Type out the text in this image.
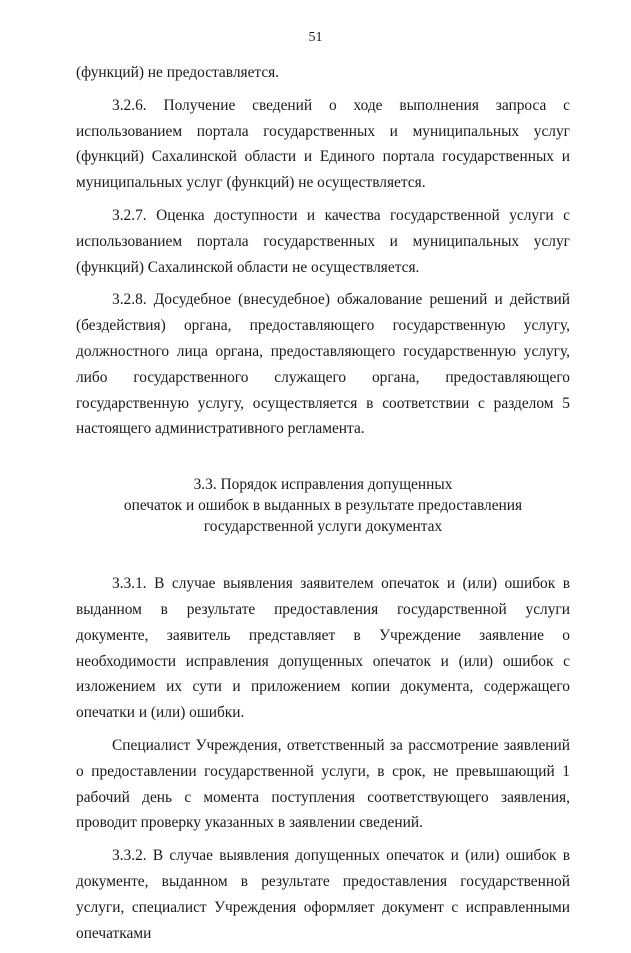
51

(функций) не предоставляется.

3.2.6. Получение сведений о ходе выполнения запроса с использованием портала государственных и муниципальных услуг (функций) Сахалинской области и Единого портала государственных и муниципальных услуг (функций) не осуществляется.

3.2.7. Оценка доступности и качества государственной услуги с использованием портала государственных и муниципальных услуг (функций) Сахалинской области не осуществляется.

3.2.8. Досудебное (внесудебное) обжалование решений и действий (бездействия) органа, предоставляющего государственную услугу, должностного лица органа, предоставляющего государственную услугу, либо государственного служащего органа, предоставляющего государственную услугу, осуществляется в соответствии с разделом 5 настоящего административного регламента.

3.3. Порядок исправления допущенных
опечаток и ошибок в выданных в результате предоставления
государственной услуги документах

3.3.1. В случае выявления заявителем опечаток и (или) ошибок в выданном в результате предоставления государственной услуги документе, заявитель представляет в Учреждение заявление о необходимости исправления допущенных опечаток и (или) ошибок с изложением их сути и приложением копии документа, содержащего опечатки и (или) ошибки.

Специалист Учреждения, ответственный за рассмотрение заявлений о предоставлении государственной услуги, в срок, не превышающий 1 рабочий день с момента поступления соответствующего заявления, проводит проверку указанных в заявлении сведений.

3.3.2. В случае выявления допущенных опечаток и (или) ошибок в документе, выданном в результате предоставления государственной услуги, специалист Учреждения оформляет документ с исправленными опечатками
